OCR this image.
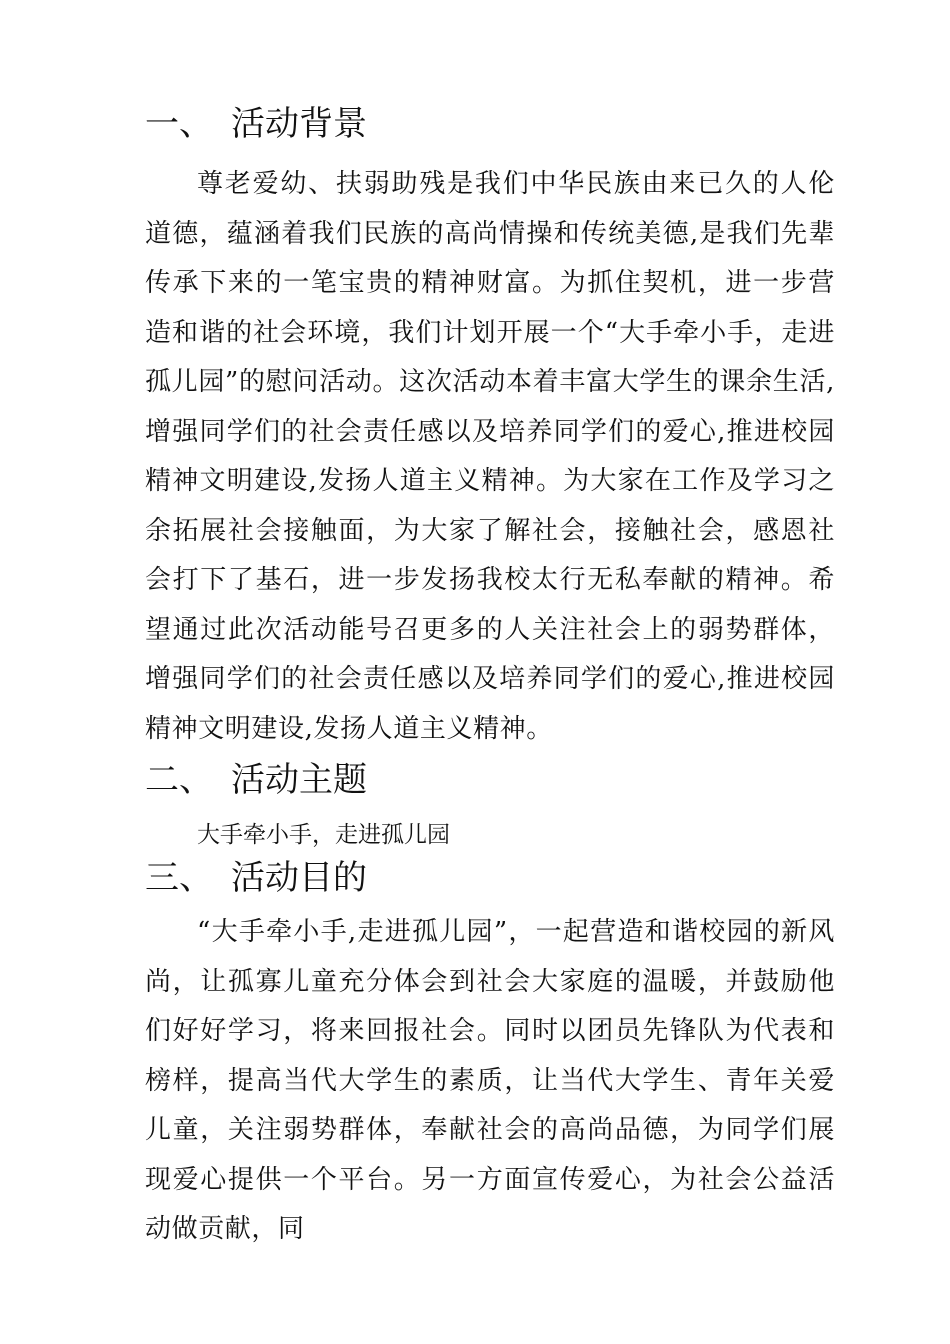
一、 活动背景

尊老爱幼、扶弱助残是我们中华民族由来已久的人伦道德，蕴涵着我们民族的高尚情操和传统美德,是我们先辈传承下来的一笔宝贵的精神财富。为抓住契机，进一步营造和谐的社会环境，我们计划开展一个“大手牵小手，走进孤儿园”的慰问活动。这次活动本着丰富大学生的课余生活,增强同学们的社会责任感以及培养同学们的爱心,推进校园精神文明建设,发扬人道主义精神。为大家在工作及学习之余拓展社会接触面，为大家了解社会，接触社会，感恩社会打下了基石，进一步发扬我校太行无私奉献的精神。希望通过此次活动能号召更多的人关注社会上的弱势群体，增强同学们的社会责任感以及培养同学们的爱心,推进校园精神文明建设,发扬人道主义精神。

二、 活动主题

大手牵小手，走进孤儿园

三、 活动目的

“大手牵小手,走进孤儿园”，一起营造和谐校园的新风尚，让孤寡儿童充分体会到社会大家庭的温暖，并鼓励他们好好学习，将来回报社会。同时以团员先锋队为代表和榜样，提高当代大学生的素质，让当代大学生、青年关爱儿童，关注弱势群体，奉献社会的高尚品德，为同学们展现爱心提供一个平台。另一方面宣传爱心，为社会公益活动做贡献，同
